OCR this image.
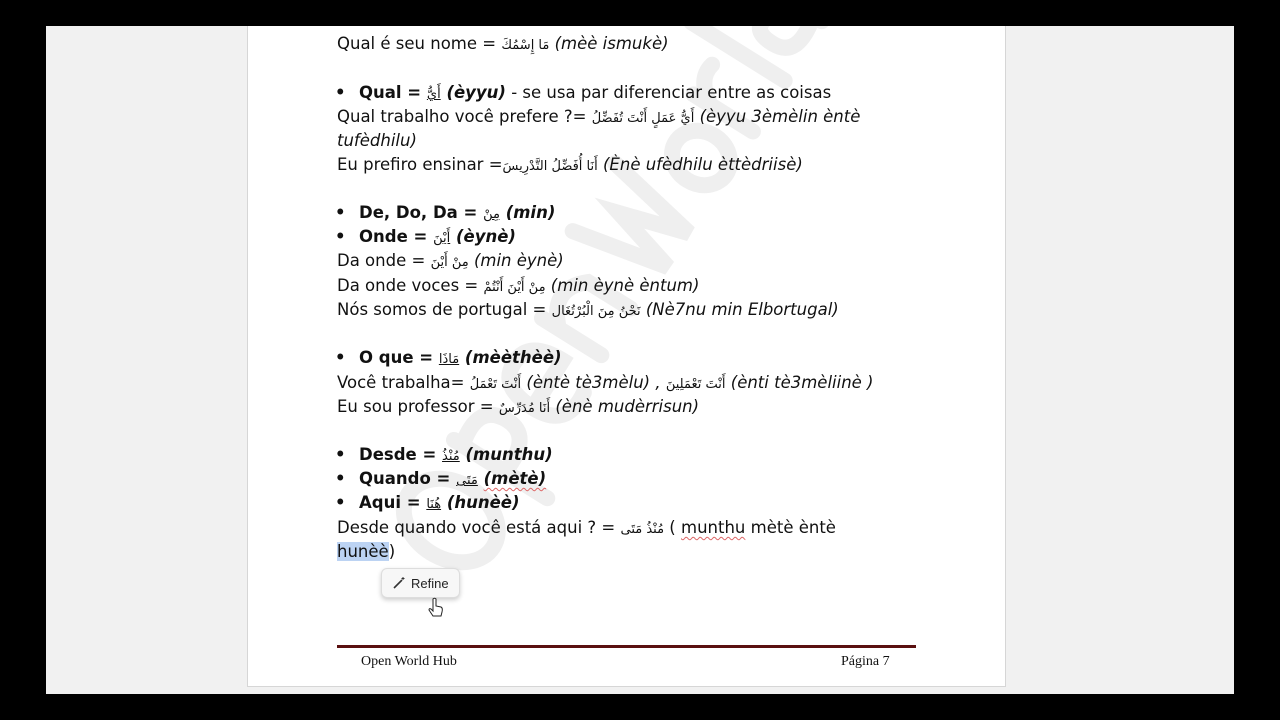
Qual é seu nome = مَا إِسْمُكَ (mèè ismukè)
• Qual = أَيُّ (èyyu) - se usa par diferenciar entre as coisas
Qual trabalho você prefere ?= أَيُّ عَمَلٍ أَنْتَ تُفَضِّلُ (èyyu 3èmèlin èntè
tufèdhilu)
Eu prefiro ensinar =أَنَا أُفَضِّلُ التَّدْرِيسَ (Ènè ufèdhilu èttèdriisè)
• De, Do, Da = مِنْ (min)
• Onde = أَيْنَ (èynè)
Da onde = مِنْ أَيْنَ (min èynè)
Da onde voces = مِنْ أَيْنَ أَنْتُمْ (min èynè èntum)
Nós somos de portugal = نَحْنُ مِنَ الْبُرْتُغَال (Nè7nu min Elbortugal)
• O que = مَاذَا (mèèthèè)
Você trabalha= أَنْتَ تَعْمَلُ (èntè tè3mèlu) , أَنْتَ تَعْمَلِينَ (ènti tè3mèliinè )
Eu sou professor = أَنَا مُدَرِّسٌ (ènè mudèrrisun)
• Desde = مُنْذُ (munthu)
• Quando = مَتَى (mètè)
• Aqui = هُنَا (hunèè)
Desde quando você está aqui ? = مُنْذُ مَتَى ( munthu mètè èntè
hunèè)
Refine
Open World Hub	Página 7
